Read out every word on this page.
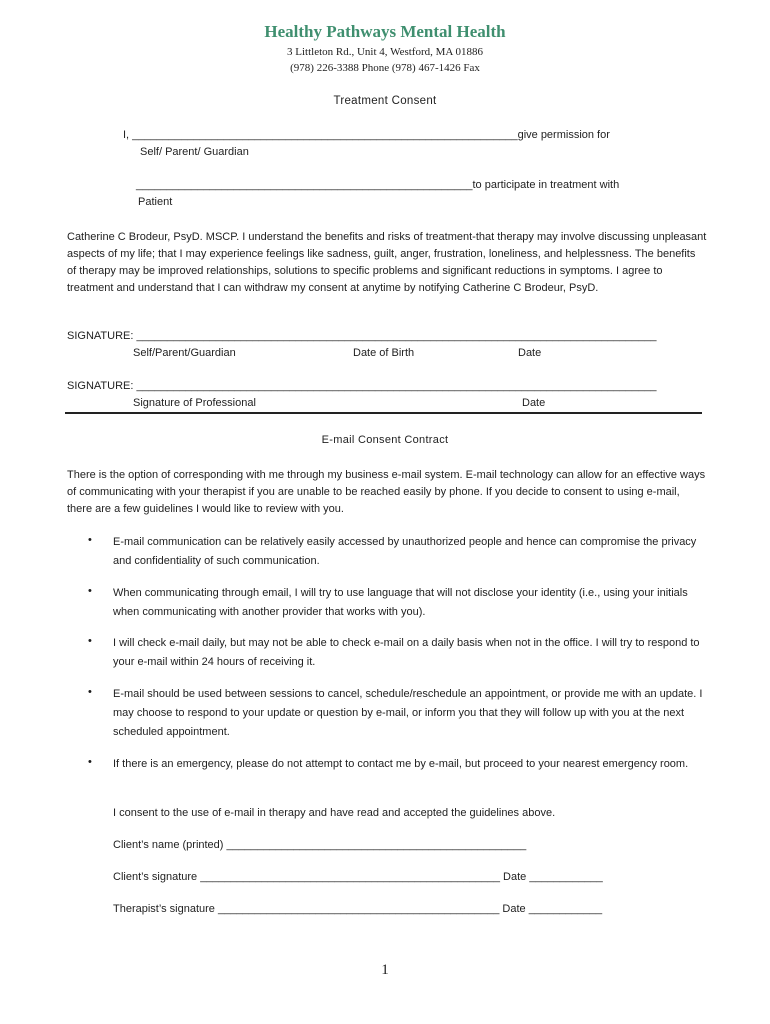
Healthy Pathways Mental Health
3 Littleton Rd., Unit 4, Westford, MA 01886
(978) 226-3388 Phone (978) 467-1426 Fax
Treatment Consent
I, _______________________________________________________________give permission for
Self/ Parent/ Guardian
_______________________________________________________to participate in treatment with
Patient
Catherine C Brodeur, PsyD. MSCP. I understand the benefits and risks of treatment-that therapy may involve discussing unpleasant aspects of my life; that I may experience feelings like sadness, guilt, anger, frustration, loneliness, and helplessness. The benefits of therapy may be improved relationships, solutions to specific problems and significant reductions in symptoms. I agree to treatment and understand that I can withdraw my consent at anytime by notifying Catherine C Brodeur, PsyD.
SIGNATURE: _____________________________________________________________________________________
Self/Parent/Guardian	Date of Birth	Date
SIGNATURE: _____________________________________________________________________________________
Signature of Professional	Date
E-mail Consent Contract
There is the option of corresponding with me through my business e-mail system. E-mail technology can allow for an effective ways of communicating with your therapist if you are unable to be reached easily by phone. If you decide to consent to using e-mail, there are a few guidelines I would like to review with you.
• E-mail communication can be relatively easily accessed by unauthorized people and hence can compromise the privacy and confidentiality of such communication.
• When communicating through email, I will try to use language that will not disclose your identity (i.e., using your initials when communicating with another provider that works with you).
• I will check e-mail daily, but may not be able to check e-mail on a daily basis when not in the office. I will try to respond to your e-mail within 24 hours of receiving it.
• E-mail should be used between sessions to cancel, schedule/reschedule an appointment, or provide me with an update. I may choose to respond to your update or question by e-mail, or inform you that they will follow up with you at the next scheduled appointment.
• If there is an emergency, please do not attempt to contact me by e-mail, but proceed to your nearest emergency room.
I consent to the use of e-mail in therapy and have read and accepted the guidelines above.
Client’s name (printed) _________________________________________________
Client’s signature _________________________________________________ Date ____________
Therapist’s signature ______________________________________________ Date ____________
1
